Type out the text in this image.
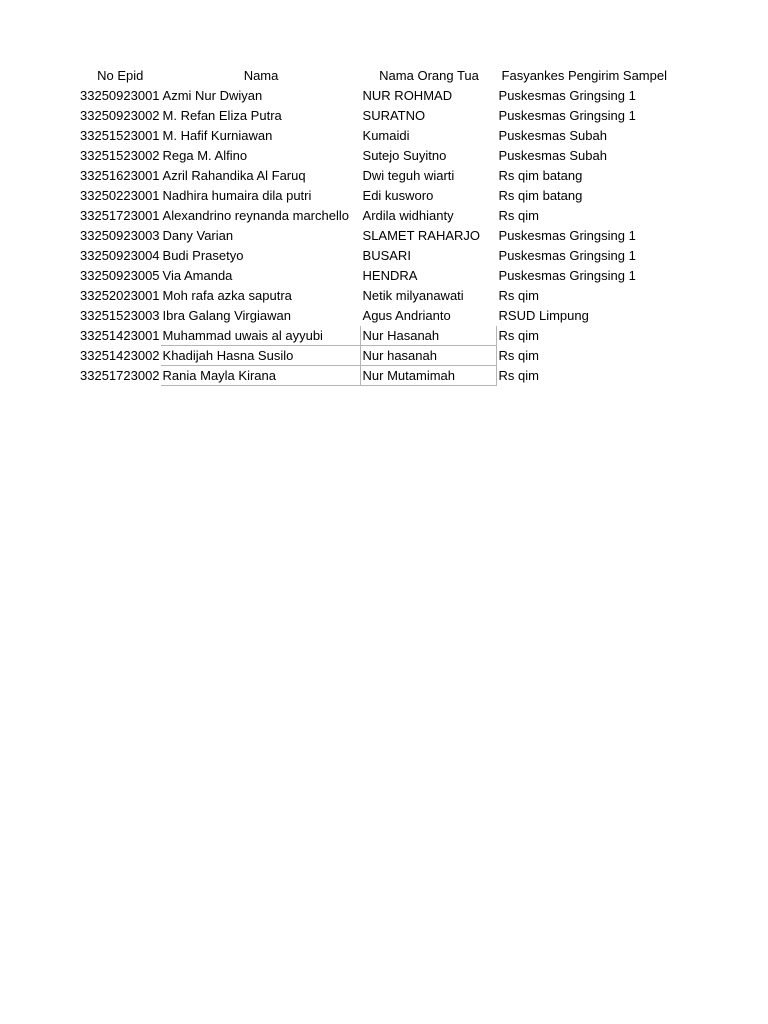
No Epid	Nama	Nama Orang Tua	Fasyankes Pengirim Sampel
33250923001	Azmi Nur Dwiyan	NUR ROHMAD	Puskesmas Gringsing 1
33250923002	M. Refan Eliza Putra	SURATNO	Puskesmas Gringsing 1
33251523001	M. Hafif Kurniawan	Kumaidi	Puskesmas Subah
33251523002	Rega M. Alfino	Sutejo Suyitno	Puskesmas Subah
33251623001	Azril Rahandika Al Faruq	Dwi teguh wiarti	Rs qim batang
33250223001	Nadhira humaira dila putri	Edi kusworo	Rs qim batang
33251723001	Alexandrino reynanda marchello	Ardila widhianty	Rs qim
33250923003	Dany Varian	SLAMET RAHARJO	Puskesmas Gringsing 1
33250923004	Budi Prasetyo	BUSARI	Puskesmas Gringsing 1
33250923005	Via Amanda	HENDRA	Puskesmas Gringsing 1
33252023001	Moh rafa azka saputra	Netik milyanawati	Rs qim
33251523003	Ibra Galang Virgiawan	Agus Andrianto	RSUD Limpung
33251423001	Muhammad uwais al ayyubi	Nur Hasanah	Rs qim
33251423002	Khadijah Hasna Susilo	Nur hasanah	Rs qim
33251723002	Rania Mayla Kirana	Nur Mutamimah	Rs qim
